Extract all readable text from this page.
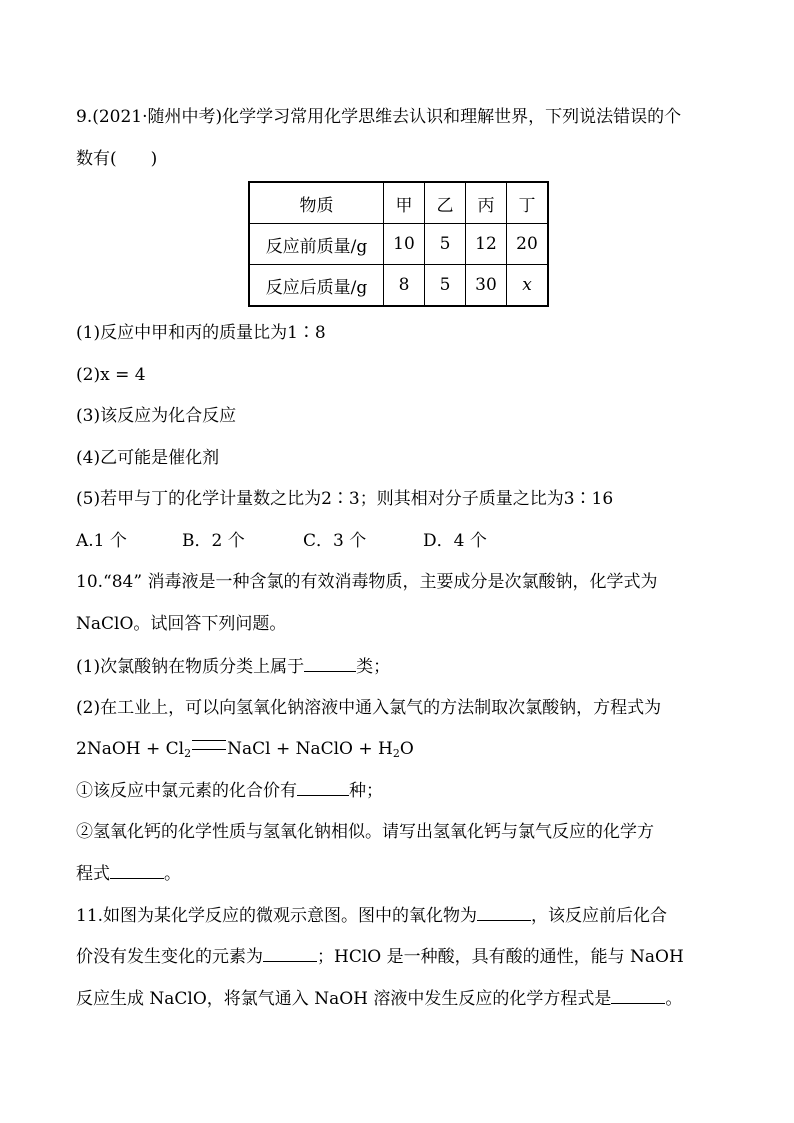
9.(2021·随州中考)化学学习常用化学思维去认识和理解世界，下列说法错误的个
数有(　　)
物质	甲	乙	丙	丁
反应前质量/g	10	5	12	20
反应后质量/g	8	5	30	x
(1)反应中甲和丙的质量比为1∶8
(2)x = 4
(3)该反应为化合反应
(4)乙可能是催化剂
(5)若甲与丁的化学计量数之比为2∶3；则其相对分子质量之比为3∶16
A.1 个	B．2 个	C．3 个	D．4 个
10.“84” 消毒液是一种含氯的有效消毒物质，主要成分是次氯酸钠，化学式为
NaClO。试回答下列问题。
(1)次氯酸钠在物质分类上属于	类；
(2)在工业上，可以向氢氧化钠溶液中通入氯气的方法制取次氯酸钠，方程式为
2NaOH + $Cl_2$ NaCl + NaClO + $H_2O$
①该反应中氯元素的化合价有	种；
②氢氧化钙的化学性质与氢氧化钠相似。请写出氢氧化钙与氯气反应的化学方
程式	。
11.如图为某化学反应的微观示意图。图中的氧化物为	，该反应前后化合
价没有发生变化的元素为	；HClO 是一种酸，具有酸的通性，能与 NaOH
反应生成 NaClO，将氯气通入 NaOH 溶液中发生反应的化学方程式是	。
